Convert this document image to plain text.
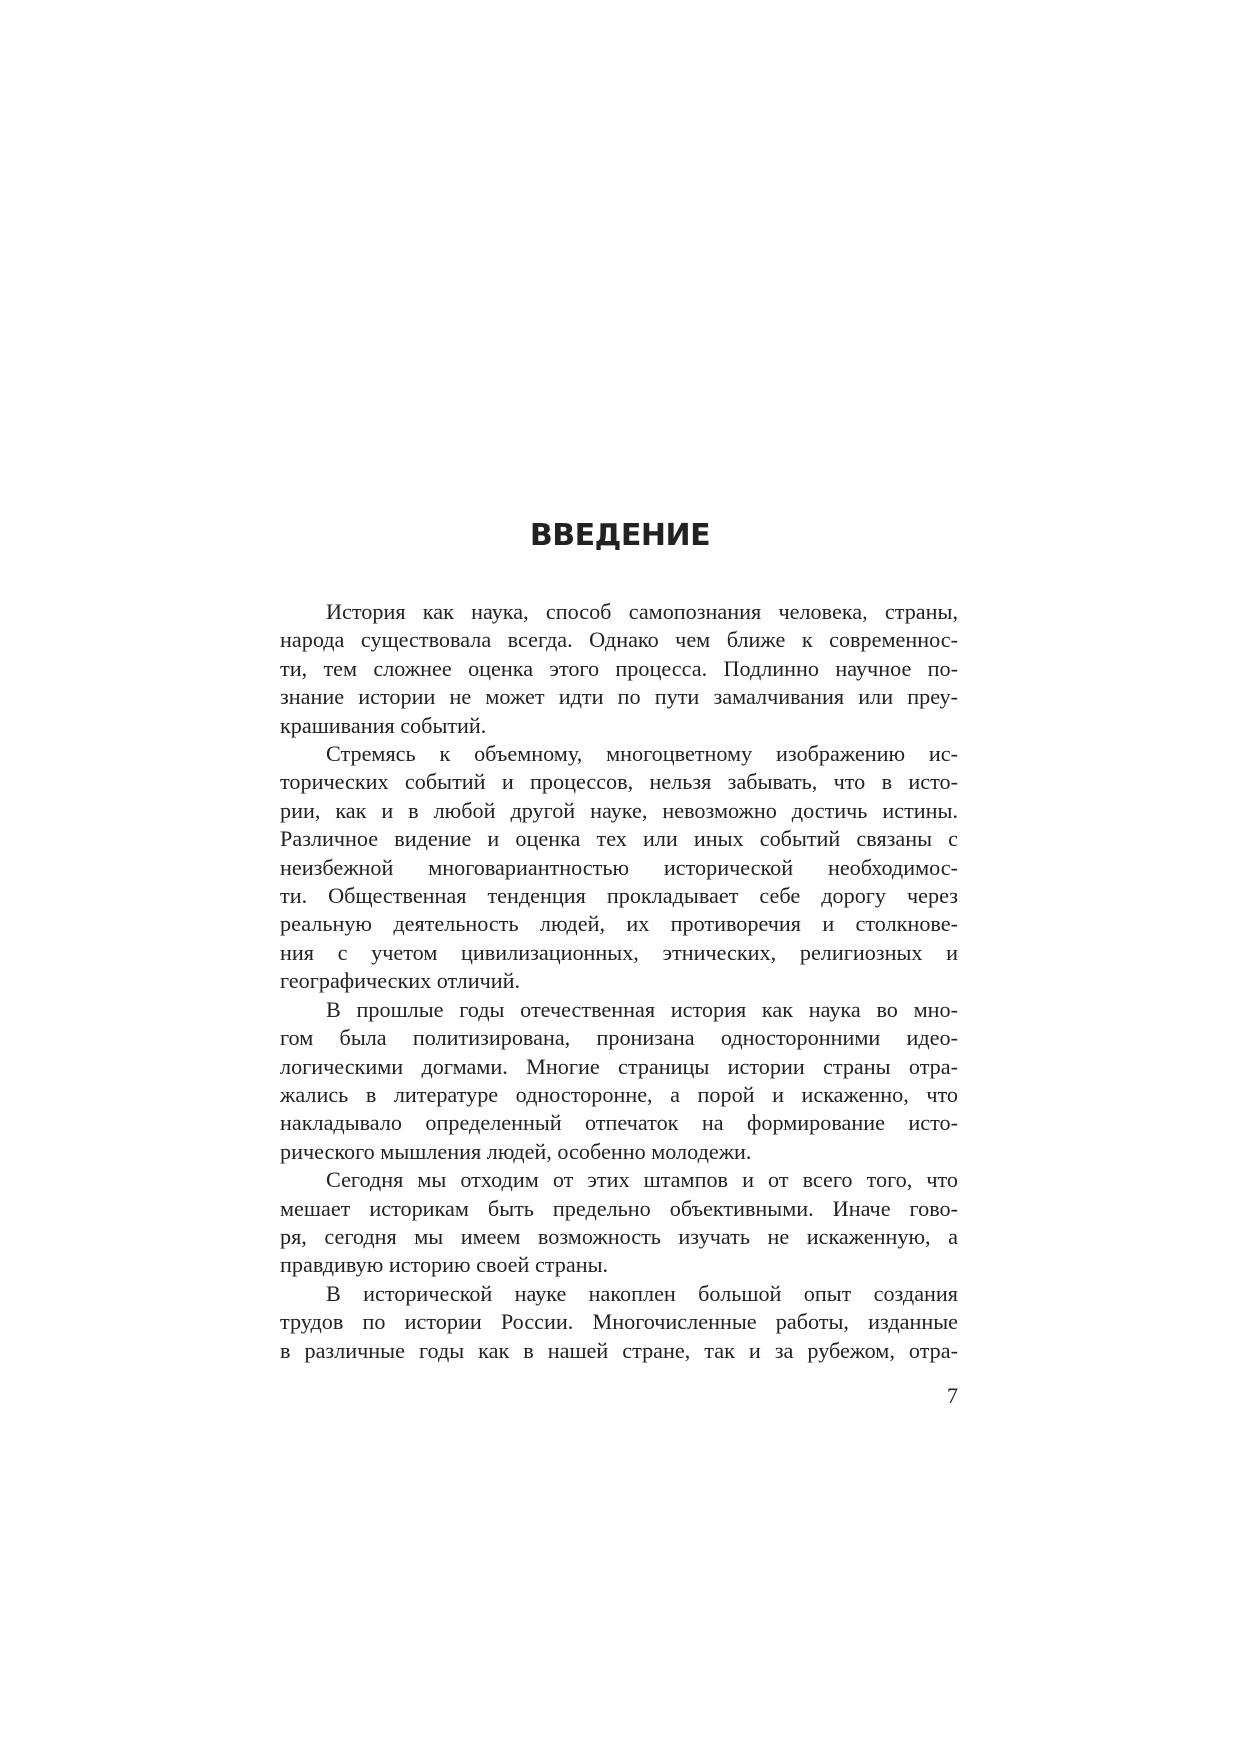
ВВЕДЕНИЕ

История как наука, способ самопознания человека, страны,
народа существовала всегда. Однако чем ближе к современнос-
ти, тем сложнее оценка этого процесса. Подлинно научное по-
знание истории не может идти по пути замалчивания или преу-
крашивания событий.

Стремясь к объемному, многоцветному изображению ис-
торических событий и процессов, нельзя забывать, что в исто-
рии, как и в любой другой науке, невозможно достичь истины.
Различное видение и оценка тех или иных событий связаны с
неизбежной многовариантностью исторической необходимос-
ти. Общественная тенденция прокладывает себе дорогу через
реальную деятельность людей, их противоречия и столкнове-
ния с учетом цивилизационных, этнических, религиозных и
географических отличий.

В прошлые годы отечественная история как наука во мно-
гом была политизирована, пронизана односторонними идео-
логическими догмами. Многие страницы истории страны отра-
жались в литературе односторонне, а порой и искаженно, что
накладывало определенный отпечаток на формирование исто-
рического мышления людей, особенно молодежи.

Сегодня мы отходим от этих штампов и от всего того, что
мешает историкам быть предельно объективными. Иначе гово-
ря, сегодня мы имеем возможность изучать не искаженную, а
правдивую историю своей страны.

В исторической науке накоплен большой опыт создания
трудов по истории России. Многочисленные работы, изданные
в различные годы как в нашей стране, так и за рубежом, отра-

7
